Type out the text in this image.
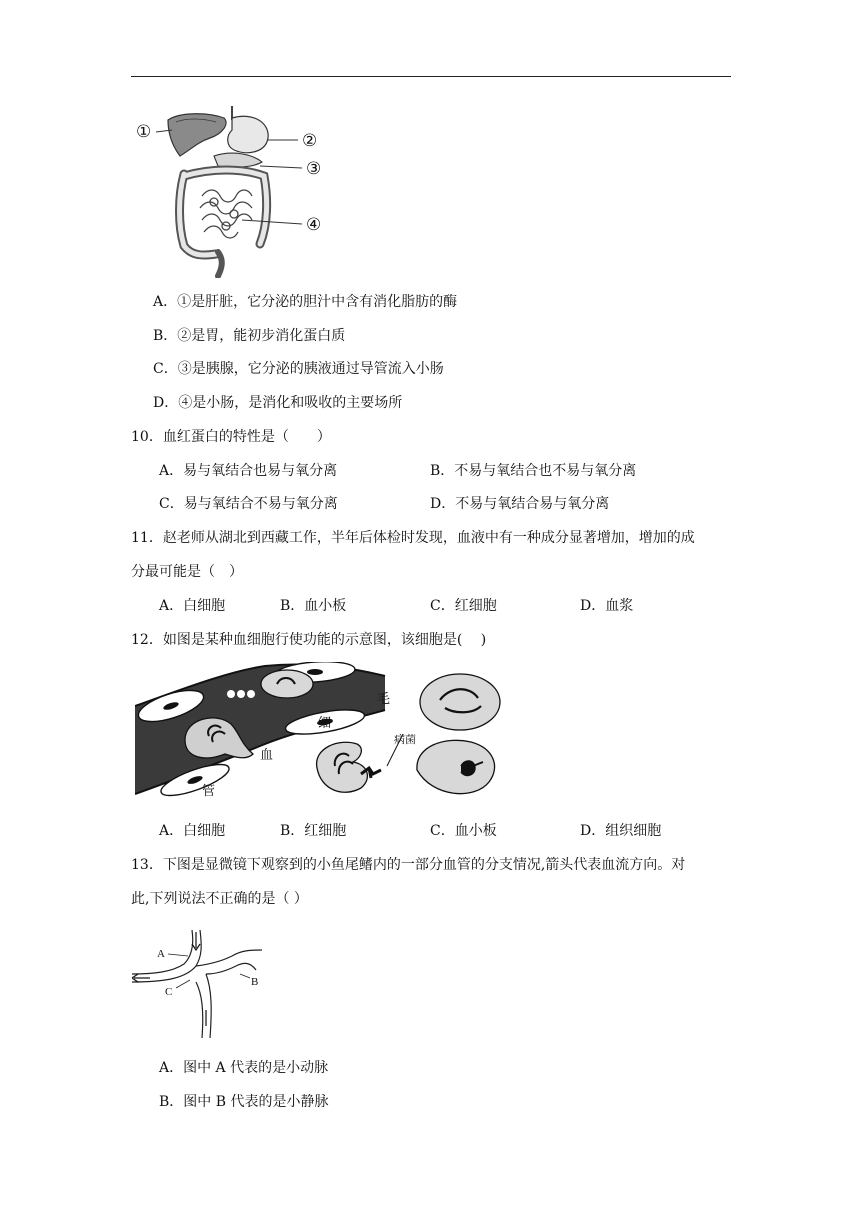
①	②
③
④
A．①是肝脏，它分泌的胆汁中含有消化脂肪的酶
B．②是胃，能初步消化蛋白质
C．③是胰腺，它分泌的胰液通过导管流入小肠
D．④是小肠，是消化和吸收的主要场所
10．血红蛋白的特性是（　　）
A．易与氧结合也易与氧分离	B．不易与氧结合也不易与氧分离
C．易与氧结合不易与氧分离	D．不易与氧结合易与氧分离
11．赵老师从湖北到西藏工作，半年后体检时发现，血液中有一种成分显著增加，增加的成
分最可能是（　）
A．白细胞	B．血小板	C．红细胞	D．血浆
12．如图是某种血细胞行使功能的示意图，该细胞是(　 )
毛
细
血
管
病菌
A．白细胞	B．红细胞	C．血小板	D．组织细胞
13．下图是显微镜下观察到的小鱼尾鳍内的一部分血管的分支情况,箭头代表血流方向。对
此,下列说法不正确的是（ ）
A
B
C
A．图中 A 代表的是小动脉
B．图中 B 代表的是小静脉
